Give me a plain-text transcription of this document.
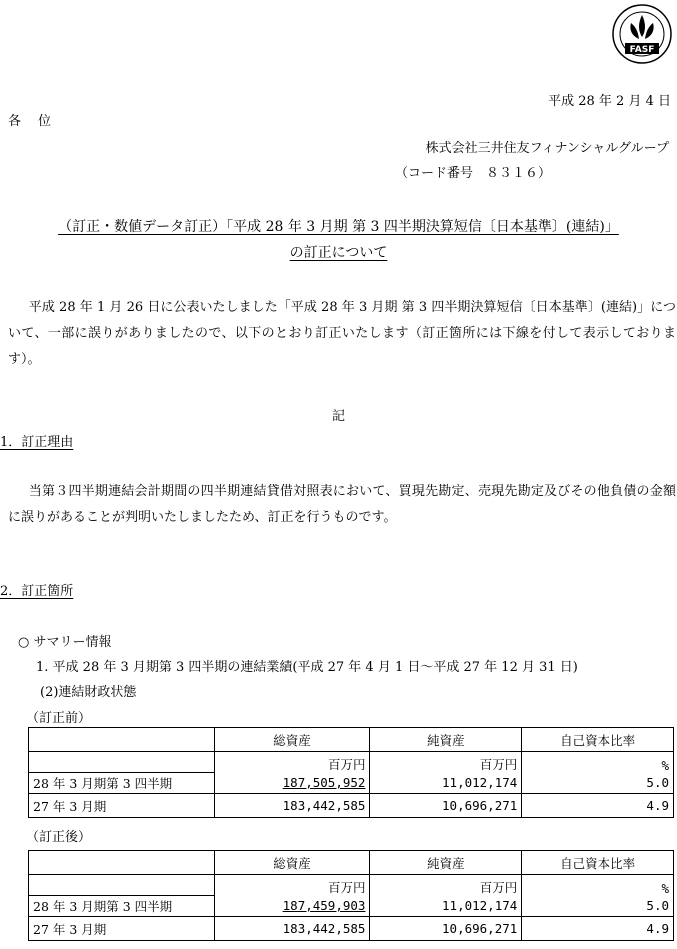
FASF
平成 28 年 2 月 4 日
各　位
株式会社三井住友フィナンシャルグループ
（コード番号　８３１６）
（訂正・数値データ訂正）「平成 28 年 3 月期 第 3 四半期決算短信〔日本基準〕(連結)」
の訂正について
平成 28 年 1 月 26 日に公表いたしました「平成 28 年 3 月期 第 3 四半期決算短信〔日本基準〕(連結)」について、一部に誤りがありましたので、以下のとおり訂正いたします（訂正箇所には下線を付して表示しております）。
記
1．訂正理由
当第３四半期連結会計期間の四半期連結貸借対照表において、買現先勘定、売現先勘定及びその他負債の金額に誤りがあることが判明いたしましたため、訂正を行うものです。
2．訂正箇所
○ サマリー情報
1. 平成 28 年 3 月期第 3 四半期の連結業績(平成 27 年 4 月 1 日～平成 27 年 12 月 31 日)
(2)連結財政状態
（訂正前）
	総資産	純資産	自己資本比率
	百万円	百万円	%
28 年 3 月期第 3 四半期	187,505,952	11,012,174	5.0
27 年 3 月期	183,442,585	10,696,271	4.9
（訂正後）
	総資産	純資産	自己資本比率
	百万円	百万円	%
28 年 3 月期第 3 四半期	187,459,903	11,012,174	5.0
27 年 3 月期	183,442,585	10,696,271	4.9
